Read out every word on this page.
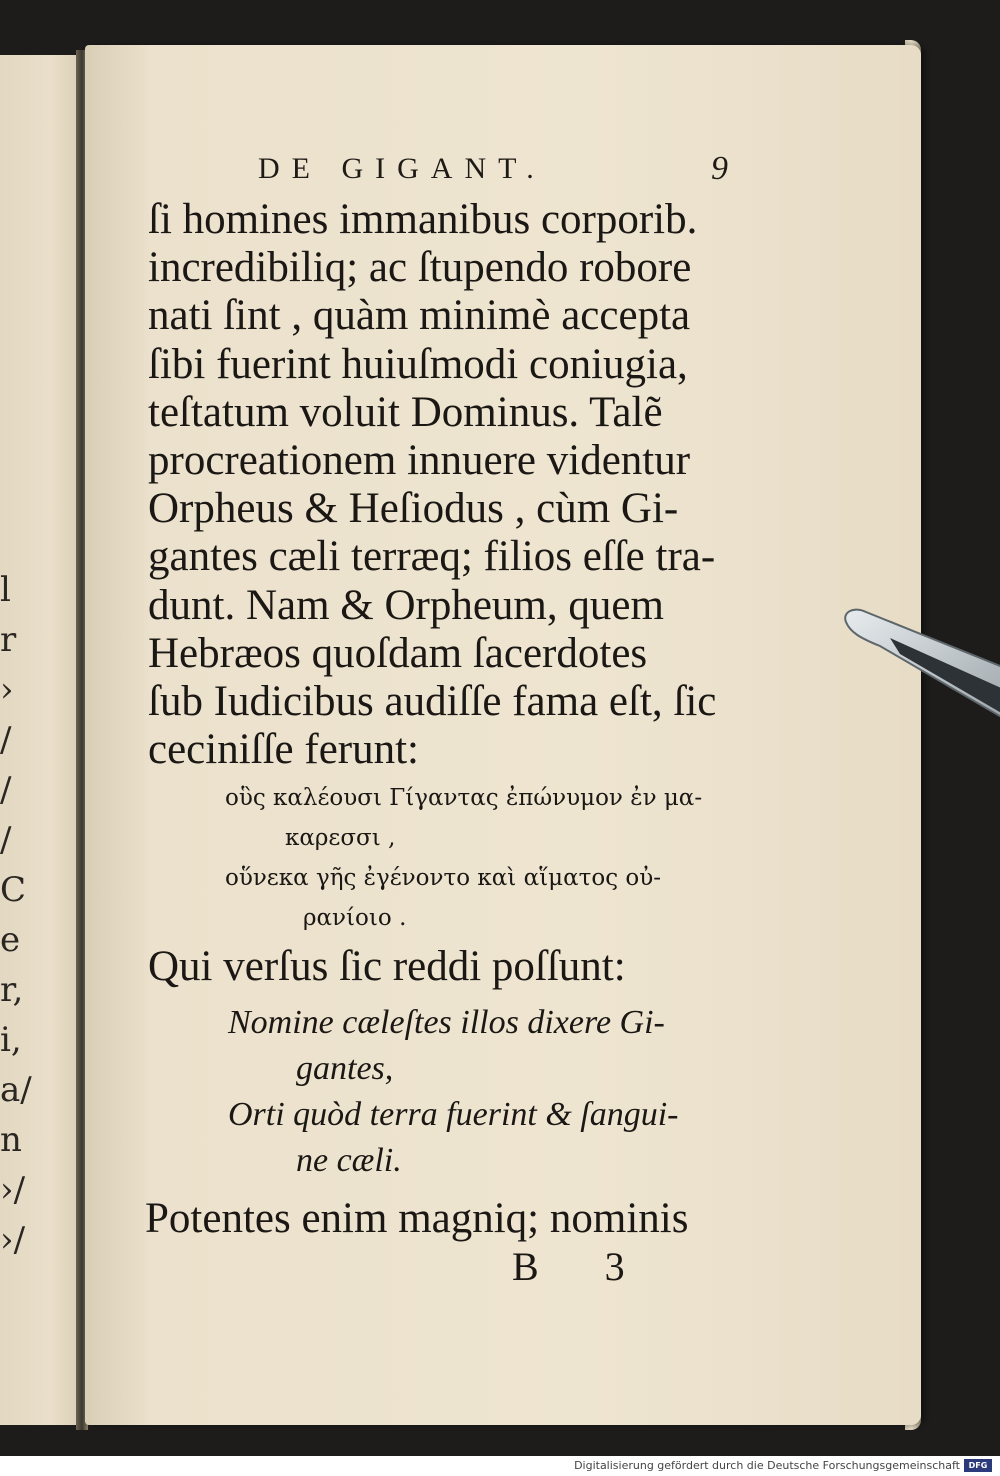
l
r
›
/
/
/
C
e
r,
i,
a/
n
›/
›/
DE GIGANT.	9
ſi homines immanibus corporib.
incredibiliq; ac ſtupendo robore
nati ſint , quàm minimè accepta
ſibi fuerint huiuſmodi coniugia,
teſtatum voluit Dominus. Talẽ
procreationem innuere videntur
Orpheus & Heſiodus , cùm Gi-
gantes cæli terræq; filios eſſe tra-
dunt. Nam & Orpheum, quem
Hebræos quoſdam ſacerdotes
ſub Iudicibus audiſſe fama eſt, ſic
ceciniſſe ferunt:
οὓς καλέουσι Γίγαντας ἐπώνυμον ἐν μα-
καρεσσι ,
οὕνεκα γῆς ἐγένοντο καὶ αἵματος οὐ-
ρανίοιο .
Qui verſus ſic reddi poſſunt:
Nomine cæleſtes illos dixere Gi-
gantes,
Orti quòd terra fuerint & ſangui-
ne cæli.
Potentes enim magniq; nominis
B 3
Digitalisierung gefördert durch die Deutsche Forschungsgemeinschaft	DFG
